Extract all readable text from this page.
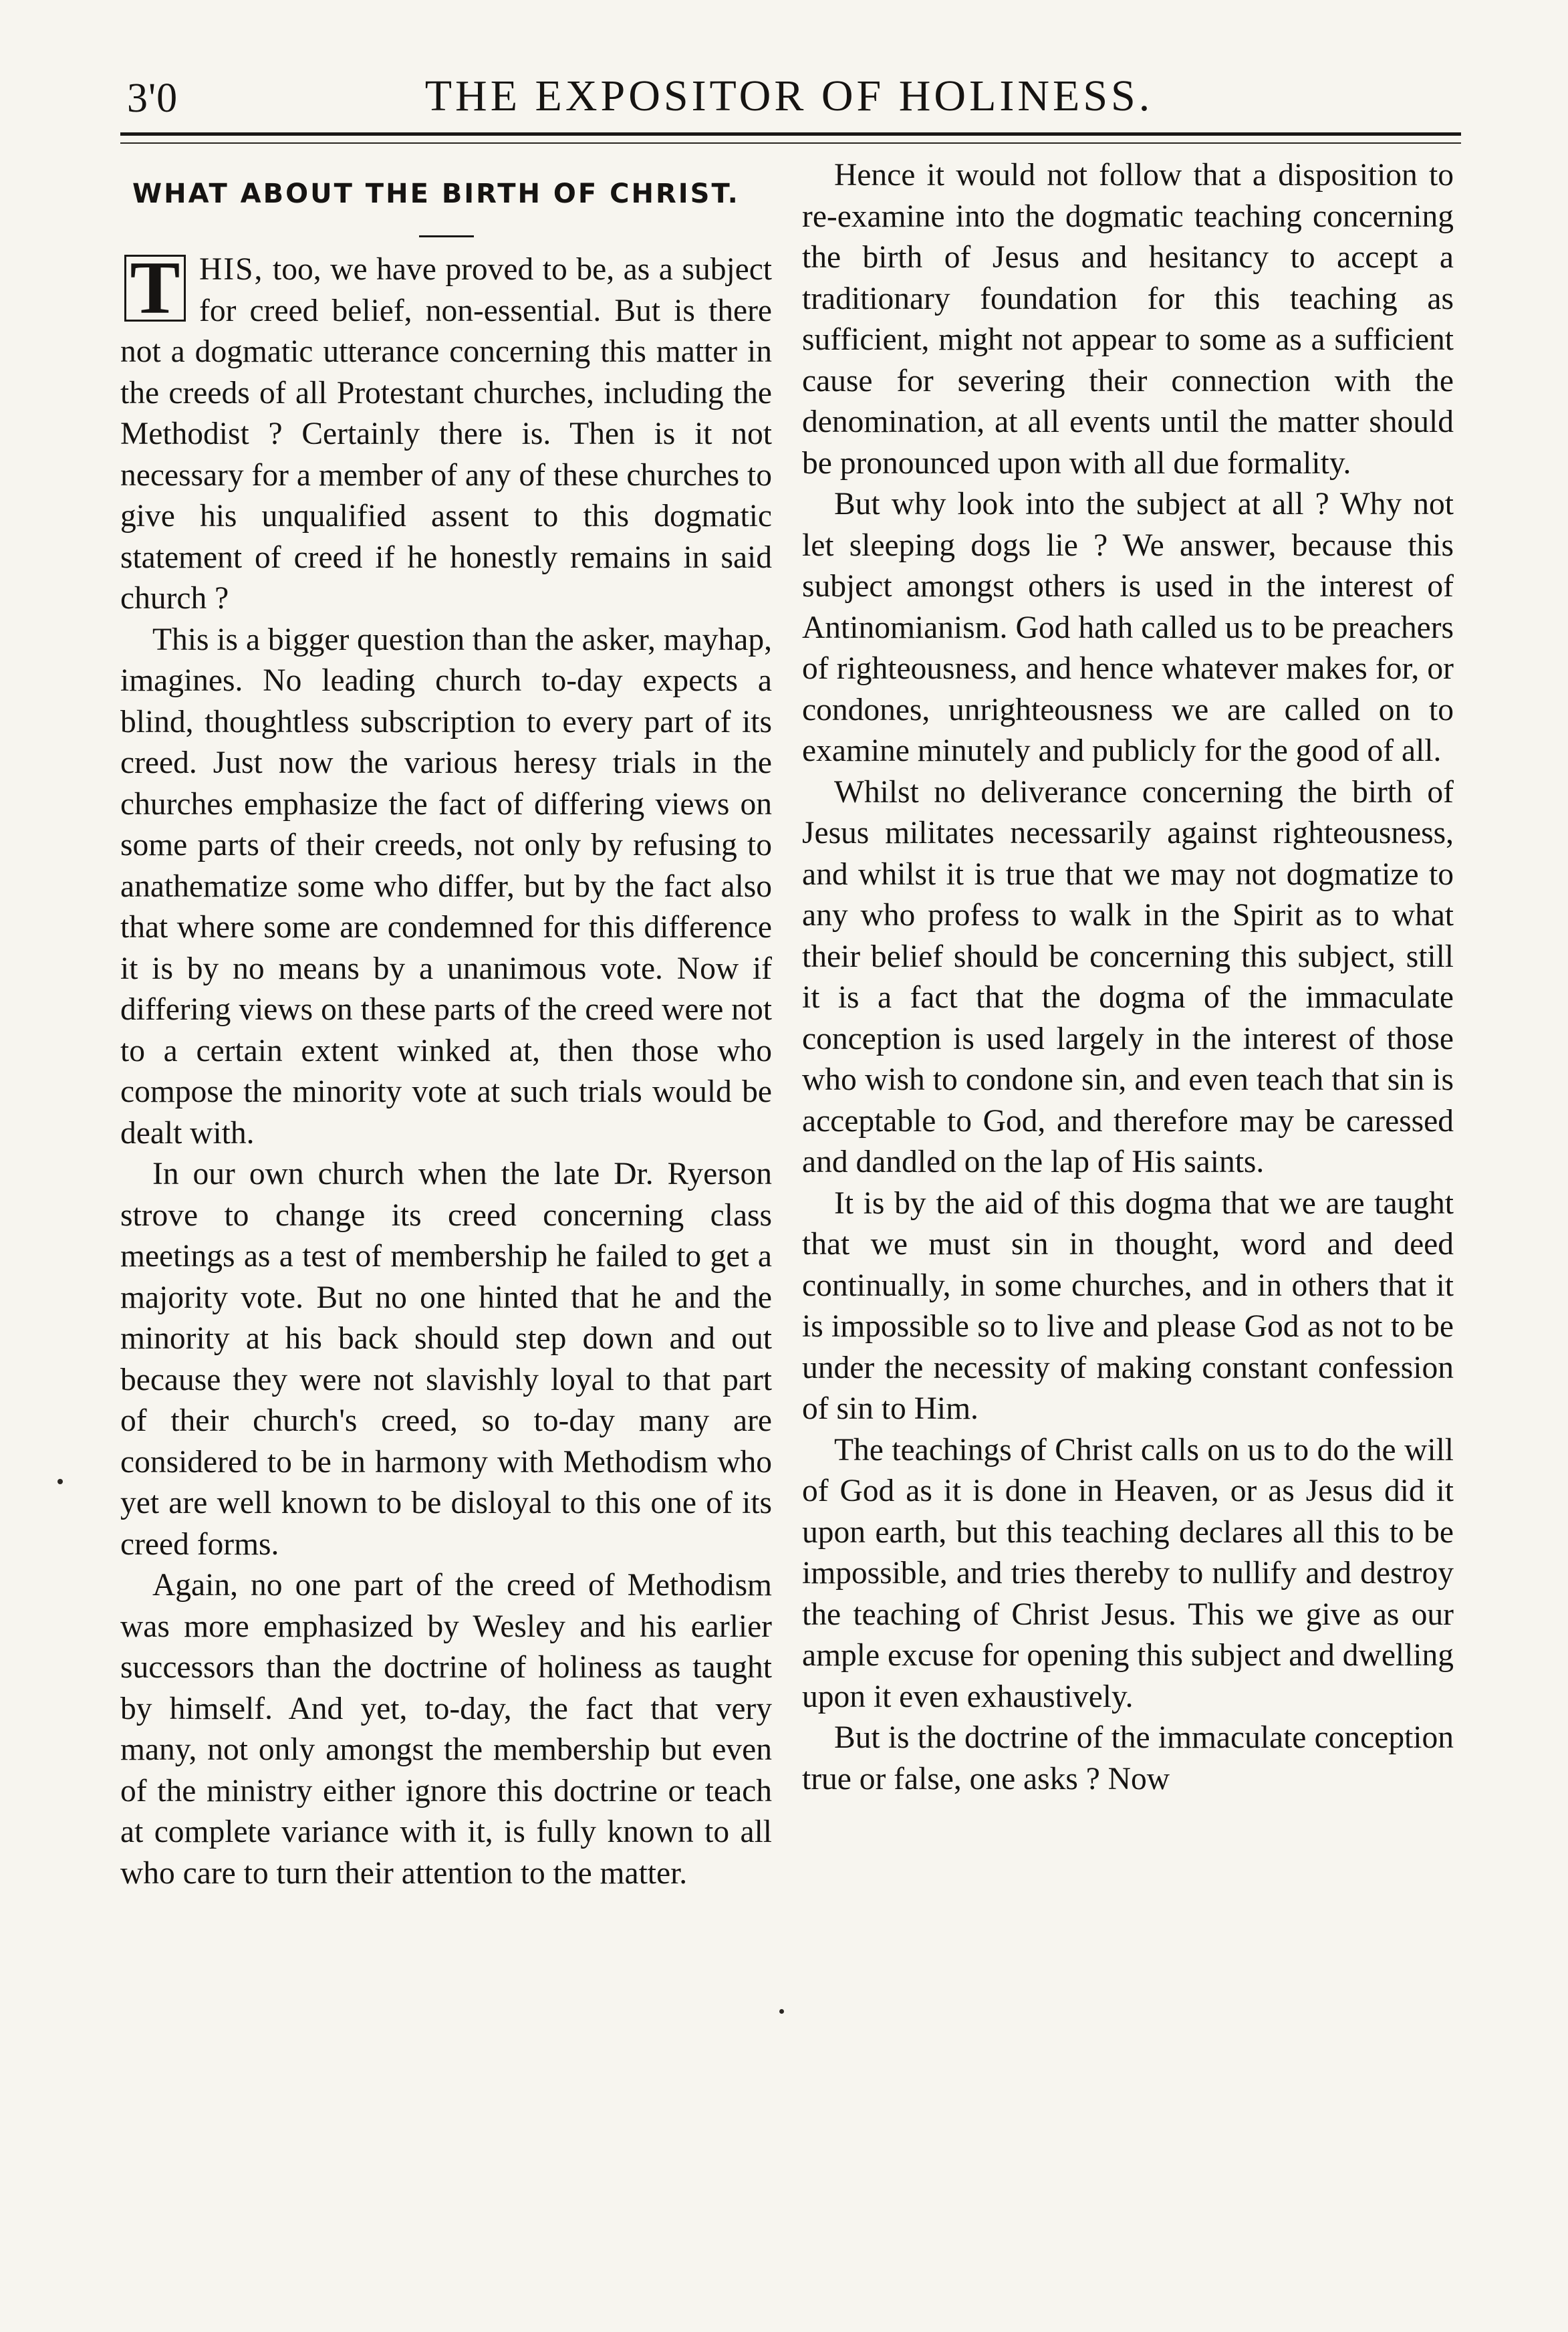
3'0	THE EXPOSITOR OF HOLINESS.
WHAT ABOUT THE BIRTH OF CHRIST.

T HIS, too, we have proved to be, as a subject for creed belief, non-essential. But is there not a dogmatic utterance concerning this matter in the creeds of all Protestant churches, including the Methodist ? Certainly there is. Then is it not necessary for a member of any of these churches to give his unqualified assent to this dogmatic statement of creed if he honestly remains in said church ?

This is a bigger question than the asker, mayhap, imagines. No leading church to-day expects a blind, thoughtless subscription to every part of its creed. Just now the various heresy trials in the churches emphasize the fact of differing views on some parts of their creeds, not only by refusing to anathematize some who differ, but by the fact also that where some are condemned for this difference it is by no means by a unanimous vote. Now if differing views on these parts of the creed were not to a certain extent winked at, then those who compose the minority vote at such trials would be dealt with.

In our own church when the late Dr. Ryerson strove to change its creed concerning class meetings as a test of membership he failed to get a majority vote. But no one hinted that he and the minority at his back should step down and out because they were not slavishly loyal to that part of their church's creed, so to-day many are considered to be in harmony with Methodism who yet are well known to be disloyal to this one of its creed forms.

Again, no one part of the creed of Methodism was more emphasized by Wesley and his earlier successors than the doctrine of holiness as taught by himself. And yet, to-day, the fact that very many, not only amongst the membership but even of the ministry either ignore this doctrine or teach at complete variance with it, is fully known to all who care to turn their attention to the matter.

Hence it would not follow that a disposition to re-examine into the dogmatic teaching concerning the birth of Jesus and hesitancy to accept a traditionary foundation for this teaching as sufficient, might not appear to some as a sufficient cause for severing their connection with the denomination, at all events until the matter should be pronounced upon with all due formality.

But why look into the subject at all ? Why not let sleeping dogs lie ? We answer, because this subject amongst others is used in the interest of Antinomianism. God hath called us to be preachers of righteousness, and hence whatever makes for, or condones, unrighteousness we are called on to examine minutely and publicly for the good of all.

Whilst no deliverance concerning the birth of Jesus militates necessarily against righteousness, and whilst it is true that we may not dogmatize to any who profess to walk in the Spirit as to what their belief should be concerning this subject, still it is a fact that the dogma of the immaculate conception is used largely in the interest of those who wish to condone sin, and even teach that sin is acceptable to God, and therefore may be caressed and dandled on the lap of His saints.

It is by the aid of this dogma that we are taught that we must sin in thought, word and deed continually, in some churches, and in others that it is impossible so to live and please God as not to be under the necessity of making constant confession of sin to Him.

The teachings of Christ calls on us to do the will of God as it is done in Heaven, or as Jesus did it upon earth, but this teaching declares all this to be impossible, and tries thereby to nullify and destroy the teaching of Christ Jesus. This we give as our ample excuse for opening this subject and dwelling upon it even exhaustively.

But is the doctrine of the immaculate conception true or false, one asks ? Now
